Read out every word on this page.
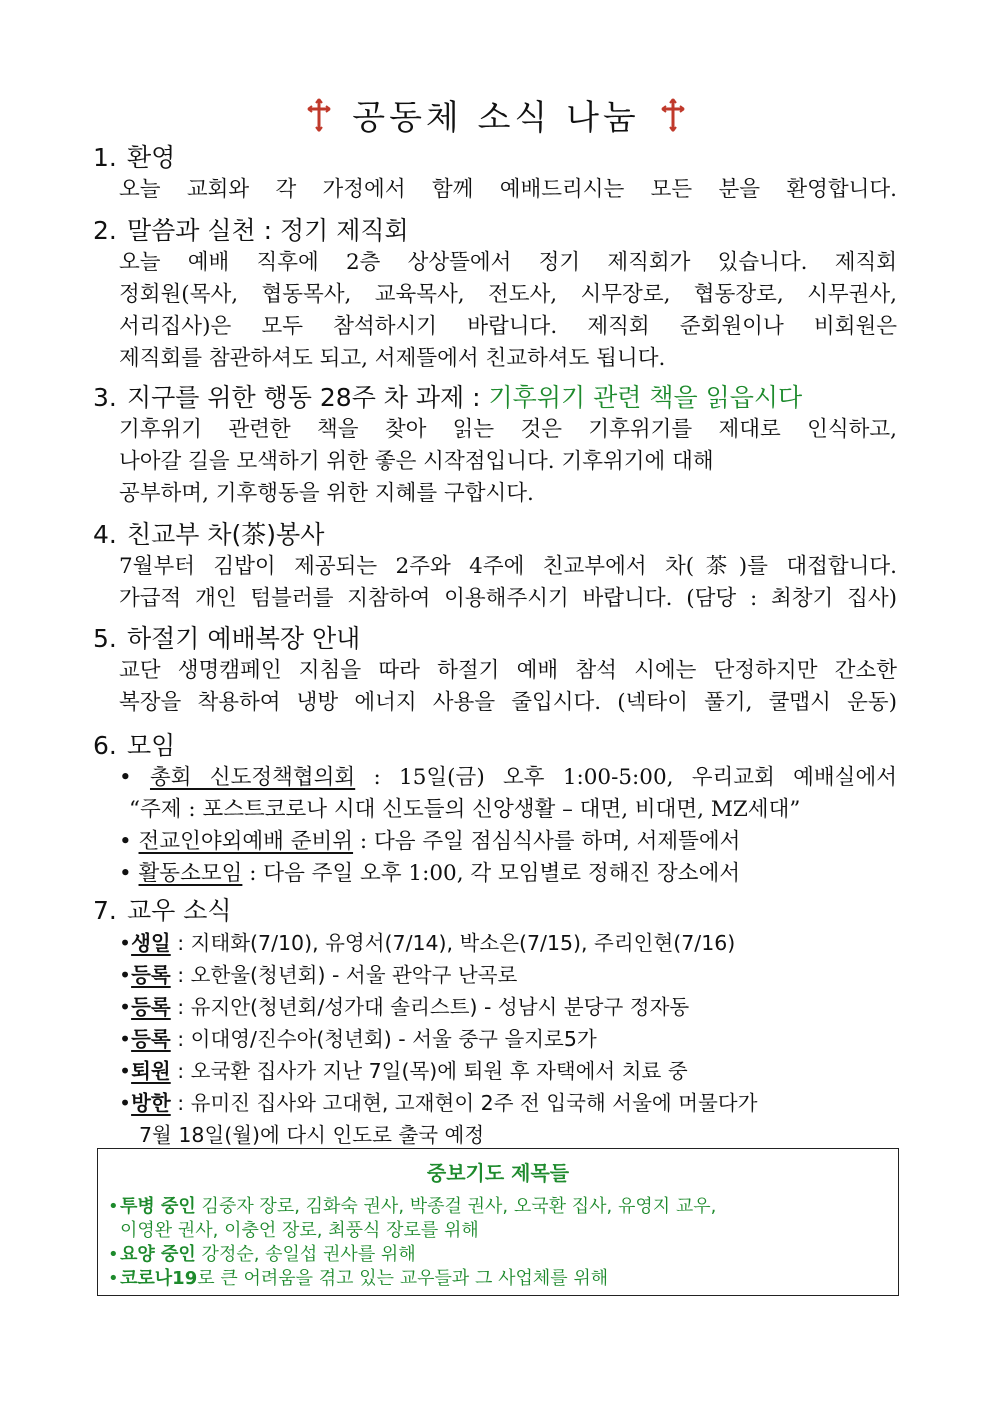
공동체 소식 나눔
1. 환영
오늘 교회와 각 가정에서 함께 예배드리시는 모든 분을 환영합니다.
2. 말씀과 실천 : 정기 제직회
오늘 예배 직후에 2층 상상뜰에서 정기 제직회가 있습니다. 제직회
정회원(목사, 협동목사, 교육목사, 전도사, 시무장로, 협동장로, 시무권사,
서리집사)은 모두 참석하시기 바랍니다. 제직회 준회원이나 비회원은
제직회를 참관하셔도 되고, 서제뜰에서 친교하셔도 됩니다.
3. 지구를 위한 행동 28주 차 과제 : 기후위기 관련 책을 읽읍시다
기후위기 관련한 책을 찾아 읽는 것은 기후위기를 제대로 인식하고,
나아갈 길을 모색하기 위한 좋은 시작점입니다. 기후위기에 대해
공부하며, 기후행동을 위한 지혜를 구합시다.
4. 친교부 차(茶)봉사
7월부터 김밥이 제공되는 2주와 4주에 친교부에서 차(茶)를 대접합니다.
가급적 개인 텀블러를 지참하여 이용해주시기 바랍니다. (담당 : 최창기 집사)
5. 하절기 예배복장 안내
교단 생명캠페인 지침을 따라 하절기 예배 참석 시에는 단정하지만 간소한
복장을 착용하여 냉방 에너지 사용을 줄입시다. (넥타이 풀기, 쿨맵시 운동)
6. 모임
• 총회 신도정책협의회 : 15일(금) 오후 1:00-5:00, 우리교회 예배실에서
“주제 : 포스트코로나 시대 신도들의 신앙생활 – 대면, 비대면, MZ세대”
• 전교인야외예배 준비위 : 다음 주일 점심식사를 하며, 서제뜰에서
• 활동소모임 : 다음 주일 오후 1:00, 각 모임별로 정해진 장소에서
7. 교우 소식
•생일 : 지태화(7/10), 유영서(7/14), 박소은(7/15), 주리인현(7/16)
•등록 : 오한울(청년회) - 서울 관악구 난곡로
•등록 : 유지안(청년회/성가대 솔리스트) - 성남시 분당구 정자동
•등록 : 이대영/진수아(청년회) - 서울 중구 을지로5가
•퇴원 : 오국환 집사가 지난 7일(목)에 퇴원 후 자택에서 치료 중
•방한 : 유미진 집사와 고대현, 고재현이 2주 전 입국해 서울에 머물다가
7월 18일(월)에 다시 인도로 출국 예정
중보기도 제목들
•투병 중인 김중자 장로, 김화숙 권사, 박종걸 권사, 오국환 집사, 유영지 교우,
이영완 권사, 이충언 장로, 최풍식 장로를 위해
•요양 중인 강정순, 송일섭 권사를 위해
•코로나19로 큰 어려움을 겪고 있는 교우들과 그 사업체를 위해
